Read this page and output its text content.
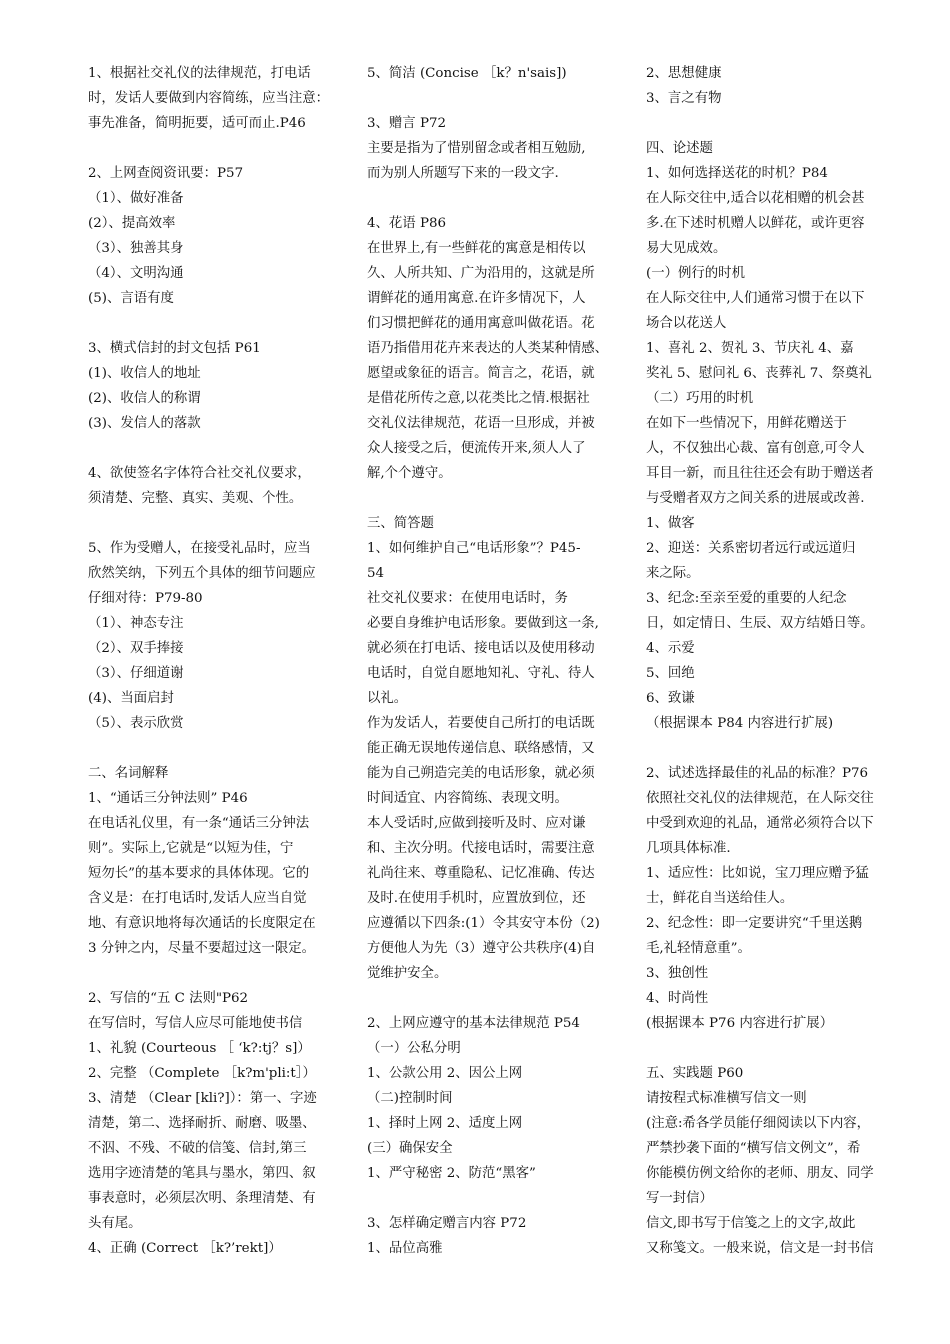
1、根据社交礼仪的法律规范，打电话
时，发话人要做到内容简练，应当注意：
事先准备，简明扼要，适可而止.P46
2、上网查阅资讯要：P57
（1）、做好准备
(2）、提高效率
（3）、独善其身
（4）、文明沟通
(5)、言语有度
3、横式信封的封文包括 P61
(1)、收信人的地址
(2)、收信人的称谓
(3)、发信人的落款
4、欲使签名字体符合社交礼仪要求，
须清楚、完整、真实、美观、个性。
5、作为受赠人，在接受礼品时，应当
欣然笑纳，下列五个具体的细节问题应
仔细对待：P79-80
（1）、神态专注
（2）、双手捧接
（3）、仔细道谢
(4)、当面启封
（5）、表示欣赏
二、名词解释
1、“通话三分钟法则” P46
在电话礼仪里，有一条“通话三分钟法
则”。实际上,它就是“以短为佳，宁
短勿长”的基本要求的具体体现。它的
含义是：在打电话时,发话人应当自觉
地、有意识地将每次通话的长度限定在
3 分钟之内，尽量不要超过这一限定。
2、写信的“五 C 法则"P62
在写信时，写信人应尽可能地使书信
1、礼貌 (Courteous ［ ‘k?:tj？s]）
2、完整 （Complete ［k?m'pli:t］）
3、清楚 （Clear [kli?]）：第一、字迹
清楚，第二、选择耐折、耐磨、吸墨、
不泅、不残、不破的信笺、信封,第三
选用字迹清楚的笔具与墨水，第四、叙
事表意时，必须层次明、条理清楚、有
头有尾。
4、正确 (Correct ［k?’rekt]）
5、简洁 (Concise ［k？n'sais])
3、赠言 P72
主要是指为了惜别留念或者相互勉励,
而为别人所题写下来的一段文字.
4、花语 P86
在世界上,有一些鲜花的寓意是相传以
久、人所共知、广为沿用的，这就是所
谓鲜花的通用寓意.在许多情况下，人
们习惯把鲜花的通用寓意叫做花语。花
语乃指借用花卉来表达的人类某种情感、
愿望或象征的语言。简言之，花语，就
是借花所传之意,以花类比之情.根据社
交礼仪法律规范，花语一旦形成，并被
众人接受之后，便流传开来,须人人了
解,个个遵守。
三、简答题
1、如何维护自己“电话形象”？P45-
54
社交礼仪要求：在使用电话时，务
必要自身维护电话形象。要做到这一条,
就必须在打电话、接电话以及使用移动
电话时，自觉自愿地知礼、守礼、待人
以礼。
作为发话人，若要使自己所打的电话既
能正确无误地传递信息、联络感情，又
能为自己朔造完美的电话形象，就必须
时间适宜、内容简练、表现文明。
本人受话时,应做到接听及时、应对谦
和、主次分明。代接电话时，需要注意
礼尚往来、尊重隐私、记忆准确、传达
及时.在使用手机时，应置放到位，还
应遵循以下四条:(1）令其安守本份（2)
方便他人为先（3）遵守公共秩序(4)自
觉维护安全。
2、上网应遵守的基本法律规范 P54
（一）公私分明
1、公款公用 2、因公上网
（二)控制时间
1、择时上网 2、适度上网
(三）确保安全
1、严守秘密 2、防范“黑客”
3、怎样确定赠言内容 P72
1、品位高雅
2、思想健康
3、言之有物
四、论述题
1、如何选择送花的时机？P84
在人际交往中,适合以花相赠的机会甚
多.在下述时机赠人以鲜花，或许更容
易大见成效。
(一）例行的时机
在人际交往中,人们通常习惯于在以下
场合以花送人
1、喜礼 2、贺礼 3、节庆礼 4、嘉
奖礼 5、慰问礼 6、丧葬礼 7、祭奠礼
（二）巧用的时机
在如下一些情况下，用鲜花赠送于
人，不仅独出心裁、富有创意,可令人
耳目一新，而且往往还会有助于赠送者
与受赠者双方之间关系的进展或改善.
1、做客
2、迎送：关系密切者远行或远道归
来之际。
3、纪念:至亲至爱的重要的人纪念
日，如定情日、生辰、双方结婚日等。
4、示爱
5、回绝
6、致谦
（根据课本 P84 内容进行扩展)
2、试述选择最佳的礼品的标准？P76
依照社交礼仪的法律规范，在人际交往
中受到欢迎的礼品，通常必须符合以下
几项具体标准.
1、适应性：比如说，宝刀理应赠予猛
士，鲜花自当送给佳人。
2、纪念性：即一定要讲究“千里送鹅
毛,礼轻情意重”。
3、独创性
4、时尚性
(根据课本 P76 内容进行扩展）
五、实践题 P60
请按程式标准横写信文一则
(注意:希各学员能仔细阅读以下内容，
严禁抄袭下面的“横写信文例文”，希
你能模仿例文给你的老师、朋友、同学
写一封信）
信文,即书写于信笺之上的文字,故此
又称笺文。一般来说，信文是一封书信
